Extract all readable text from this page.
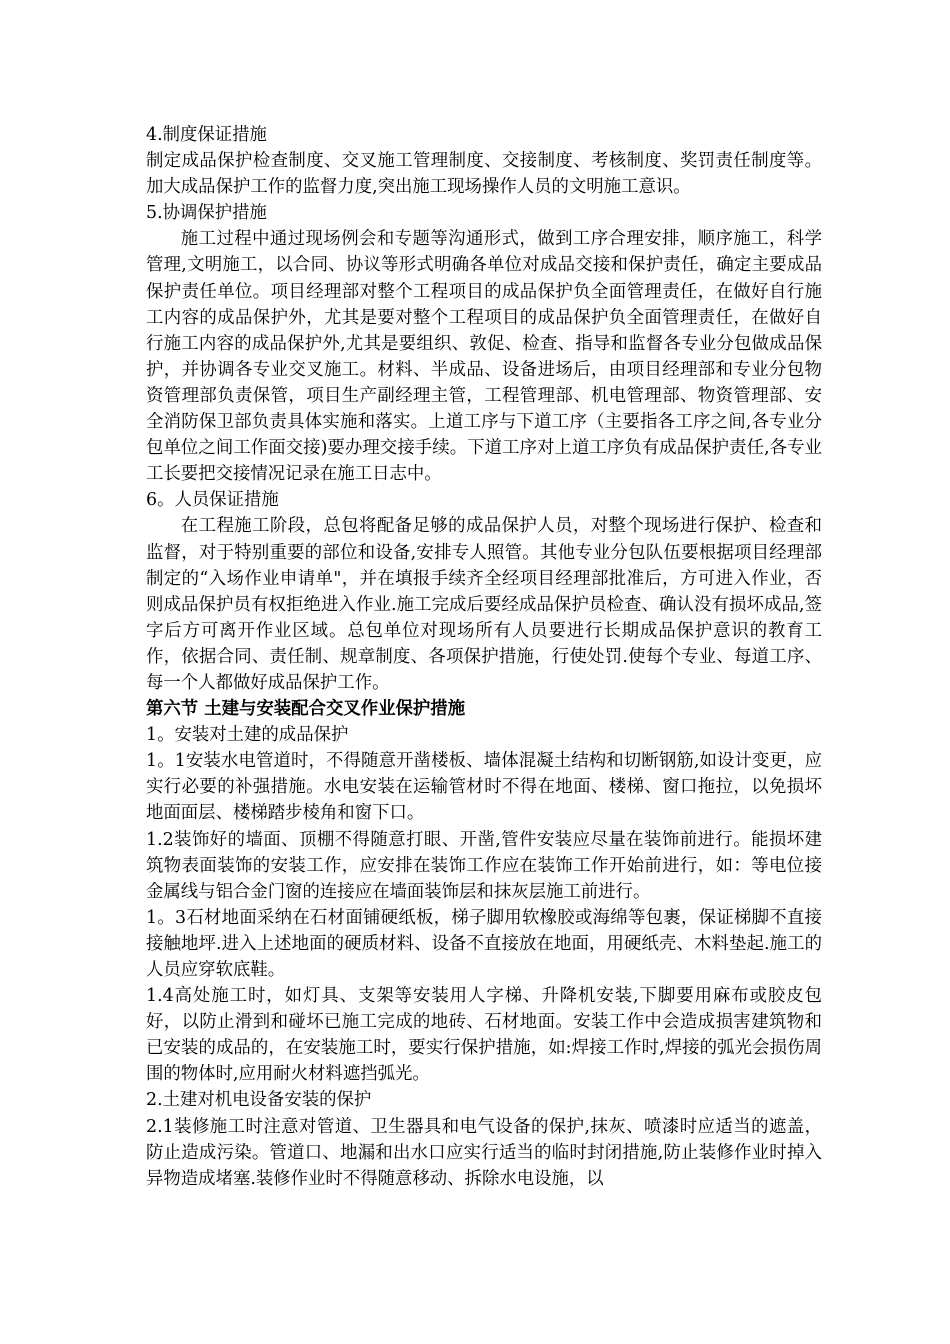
4.制度保证措施

制定成品保护检查制度、交叉施工管理制度、交接制度、考核制度、奖罚责任制度等。加大成品保护工作的监督力度,突出施工现场操作人员的文明施工意识。

5.协调保护措施

施工过程中通过现场例会和专题等沟通形式，做到工序合理安排，顺序施工，科学管理,文明施工，以合同、协议等形式明确各单位对成品交接和保护责任，确定主要成品保护责任单位。项目经理部对整个工程项目的成品保护负全面管理责任，在做好自行施工内容的成品保护外，尤其是要对整个工程项目的成品保护负全面管理责任，在做好自行施工内容的成品保护外,尤其是要组织、敦促、检查、指导和监督各专业分包做成品保护，并协调各专业交叉施工。材料、半成品、设备进场后，由项目经理部和专业分包物资管理部负责保管，项目生产副经理主管，工程管理部、机电管理部、物资管理部、安全消防保卫部负责具体实施和落实。上道工序与下道工序（主要指各工序之间,各专业分包单位之间工作面交接)要办理交接手续。下道工序对上道工序负有成品保护责任,各专业工长要把交接情况记录在施工日志中。

6。人员保证措施

在工程施工阶段，总包将配备足够的成品保护人员，对整个现场进行保护、检查和监督，对于特别重要的部位和设备,安排专人照管。其他专业分包队伍要根据项目经理部制定的“入场作业申请单"，并在填报手续齐全经项目经理部批准后，方可进入作业，否则成品保护员有权拒绝进入作业.施工完成后要经成品保护员检查、确认没有损坏成品,签字后方可离开作业区域。总包单位对现场所有人员要进行长期成品保护意识的教育工作，依据合同、责任制、规章制度、各项保护措施，行使处罚.使每个专业、每道工序、每一个人都做好成品保护工作。

第六节 土建与安装配合交叉作业保护措施

1。安装对土建的成品保护

1。1安装水电管道时，不得随意开凿楼板、墙体混凝土结构和切断钢筋,如设计变更，应实行必要的补强措施。水电安装在运输管材时不得在地面、楼梯、窗口拖拉，以免损坏地面面层、楼梯踏步棱角和窗下口。

1.2装饰好的墙面、顶棚不得随意打眼、开凿,管件安装应尽量在装饰前进行。能损坏建筑物表面装饰的安装工作，应安排在装饰工作应在装饰工作开始前进行，如：等电位接金属线与铝合金门窗的连接应在墙面装饰层和抹灰层施工前进行。

1。3石材地面采纳在石材面铺硬纸板，梯子脚用软橡胶或海绵等包裹，保证梯脚不直接接触地坪.进入上述地面的硬质材料、设备不直接放在地面，用硬纸壳、木料垫起.施工的人员应穿软底鞋。

1.4高处施工时，如灯具、支架等安装用人字梯、升降机安装,下脚要用麻布或胶皮包好，以防止滑到和碰坏已施工完成的地砖、石材地面。安装工作中会造成损害建筑物和已安装的成品的，在安装施工时，要实行保护措施，如:焊接工作时,焊接的弧光会损伤周围的物体时,应用耐火材料遮挡弧光。

2.土建对机电设备安装的保护

2.1装修施工时注意对管道、卫生器具和电气设备的保护,抹灰、喷漆时应适当的遮盖，防止造成污染。管道口、地漏和出水口应实行适当的临时封闭措施,防止装修作业时掉入异物造成堵塞.装修作业时不得随意移动、拆除水电设施，以
